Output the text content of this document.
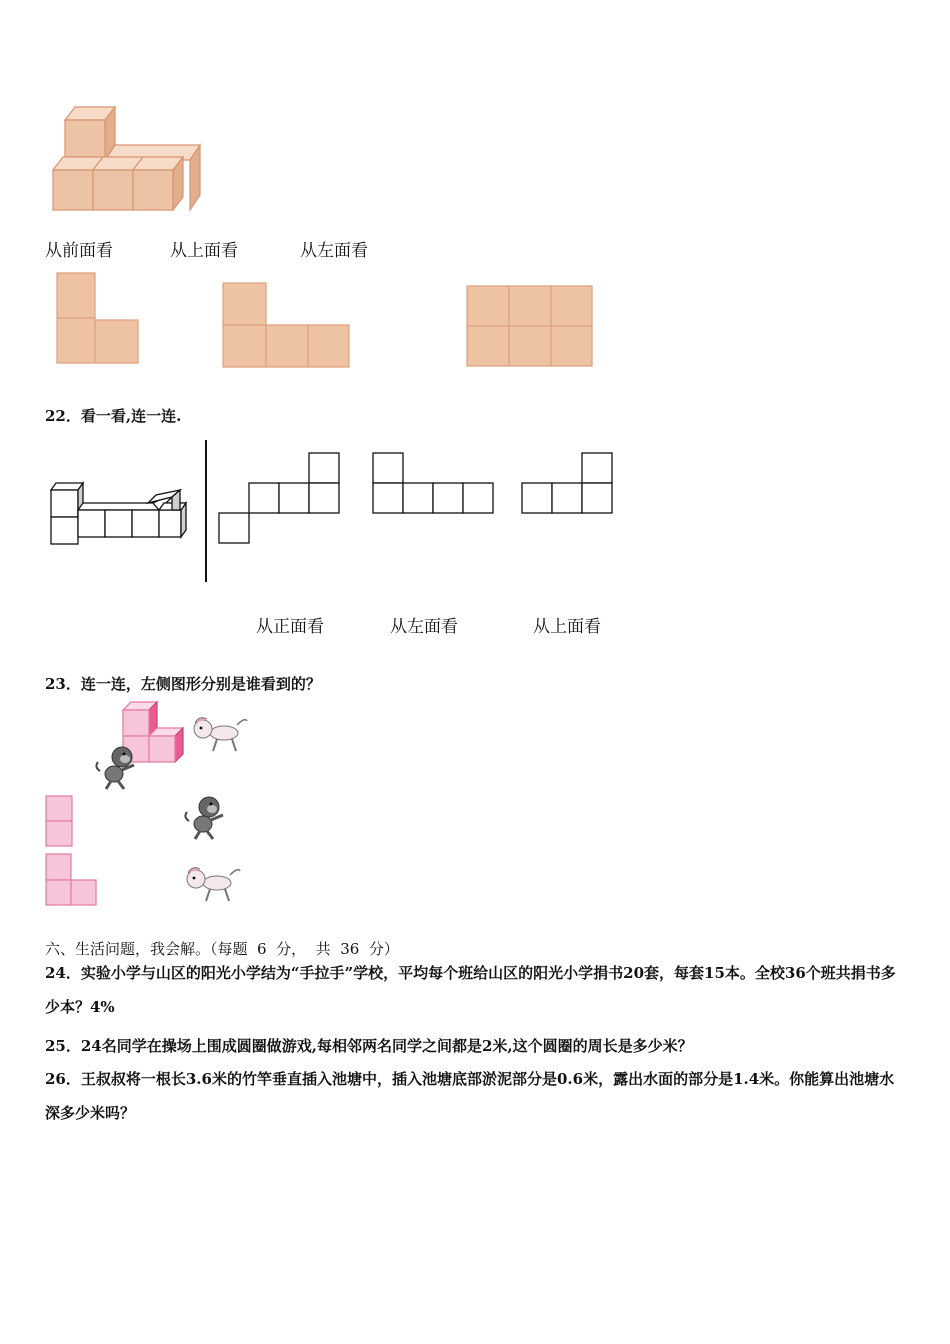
从前面看	从上面看	从左面看
22．看一看,连一连.
从正面看	从左面看	从上面看
23．连一连，左侧图形分别是谁看到的？
六、生活问题，我会解。（每题  6  分，  共  36  分）
24．实验小学与山区的阳光小学结为“手拉手”学校，平均每个班给山区的阳光小学捐书20套，每套15本。全校36个班共捐书多少本？4%
25．24名同学在操场上围成圆圈做游戏,每相邻两名同学之间都是2米,这个圆圈的周长是多少米？
26．王叔叔将一根长3.6米的竹竿垂直插入池塘中，插入池塘底部淤泥部分是0.6米，露出水面的部分是1.4米。你能算出池塘水深多少米吗？
